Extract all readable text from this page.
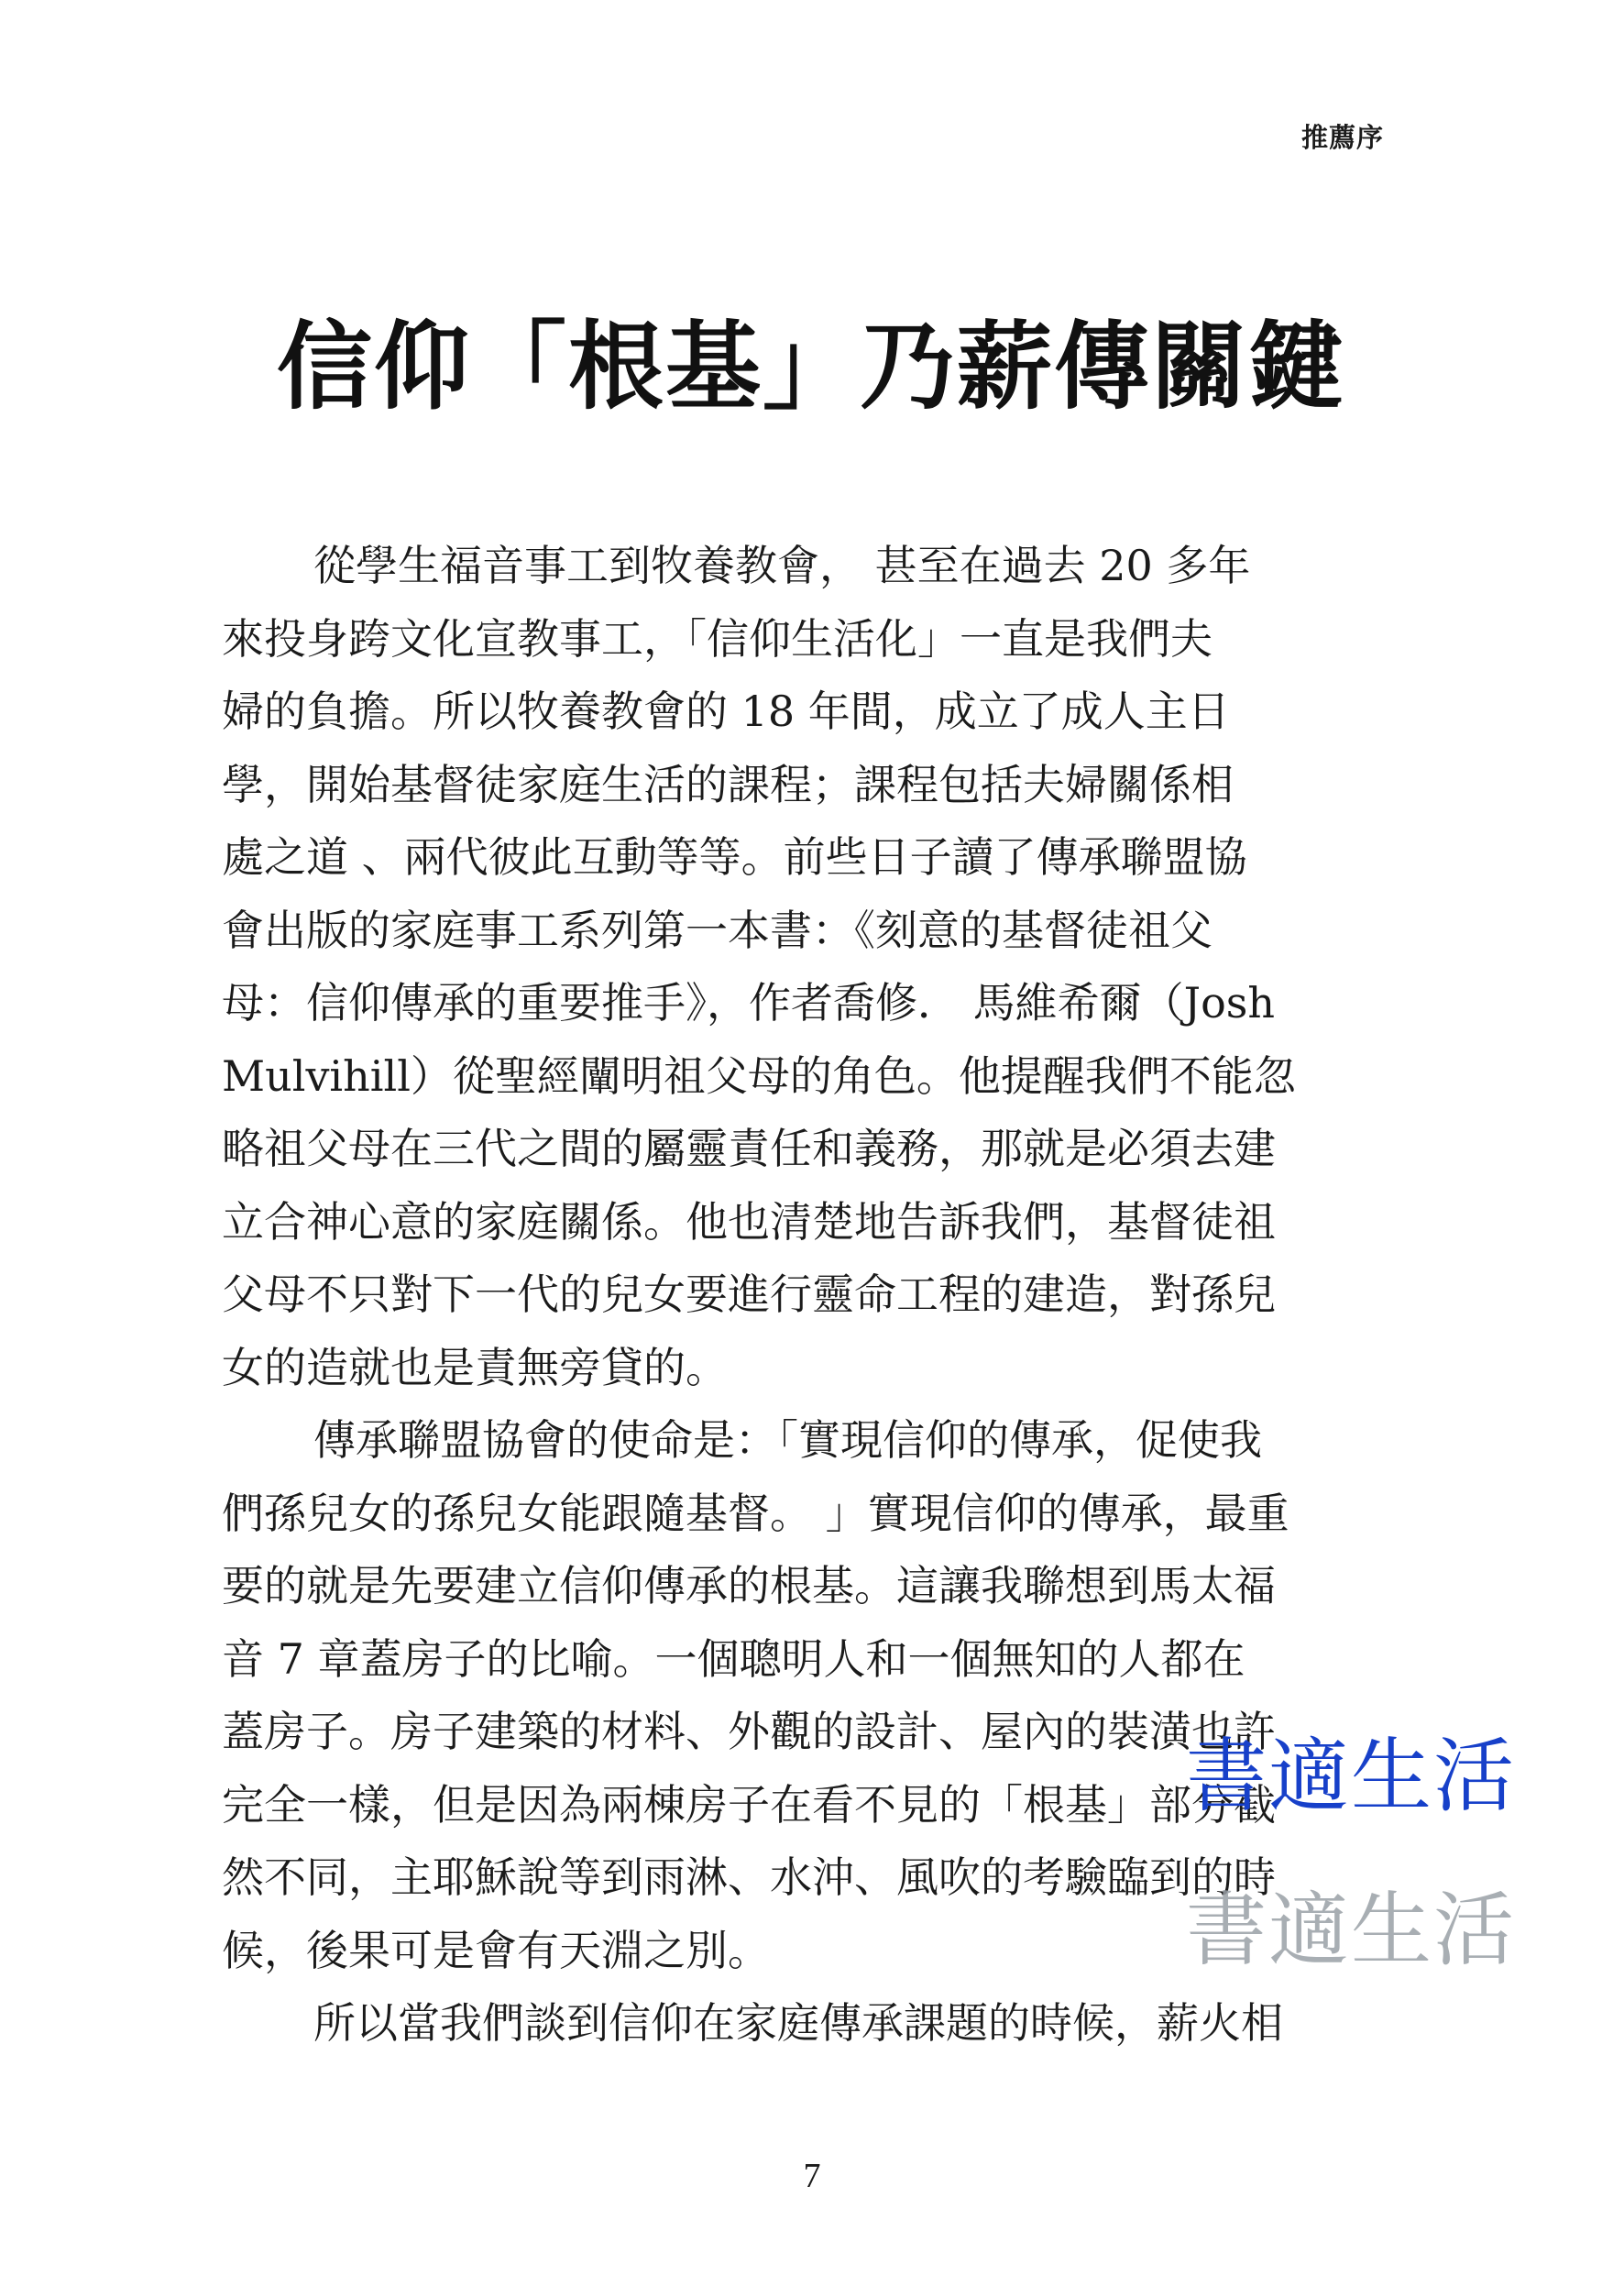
推薦序
信仰「根基」乃薪傳關鍵
從學生福音事工到牧養教會， 甚至在過去 20 多年
來投身跨文化宣教事工，「信仰生活化」一直是我們夫
婦的負擔。所以牧養教會的 18 年間，成立了成人主日
學，開始基督徒家庭生活的課程；課程包括夫婦關係相
處之道 、兩代彼此互動等等。前些日子讀了傳承聯盟協
會出版的家庭事工系列第一本書：《刻意的基督徒祖父
母：信仰傳承的重要推手》，作者喬修． 馬維希爾（Josh
Mulvihill）從聖經闡明祖父母的角色。他提醒我們不能忽
略祖父母在三代之間的屬靈責任和義務，那就是必須去建
立合神心意的家庭關係。他也清楚地告訴我們，基督徒祖
父母不只對下一代的兒女要進行靈命工程的建造，對孫兒
女的造就也是責無旁貸的。
傳承聯盟協會的使命是：「實現信仰的傳承，促使我
們孫兒女的孫兒女能跟隨基督。 」實現信仰的傳承，最重
要的就是先要建立信仰傳承的根基。這讓我聯想到馬太福
音 7 章蓋房子的比喻。一個聰明人和一個無知的人都在
蓋房子。房子建築的材料、外觀的設計、屋內的裝潢也許
完全一樣，但是因為兩棟房子在看不見的「根基」部分截
然不同，主耶穌說等到雨淋、水沖、風吹的考驗臨到的時
候，後果可是會有天淵之別。
所以當我們談到信仰在家庭傳承課題的時候，薪火相
7
書適生活
書適生活
